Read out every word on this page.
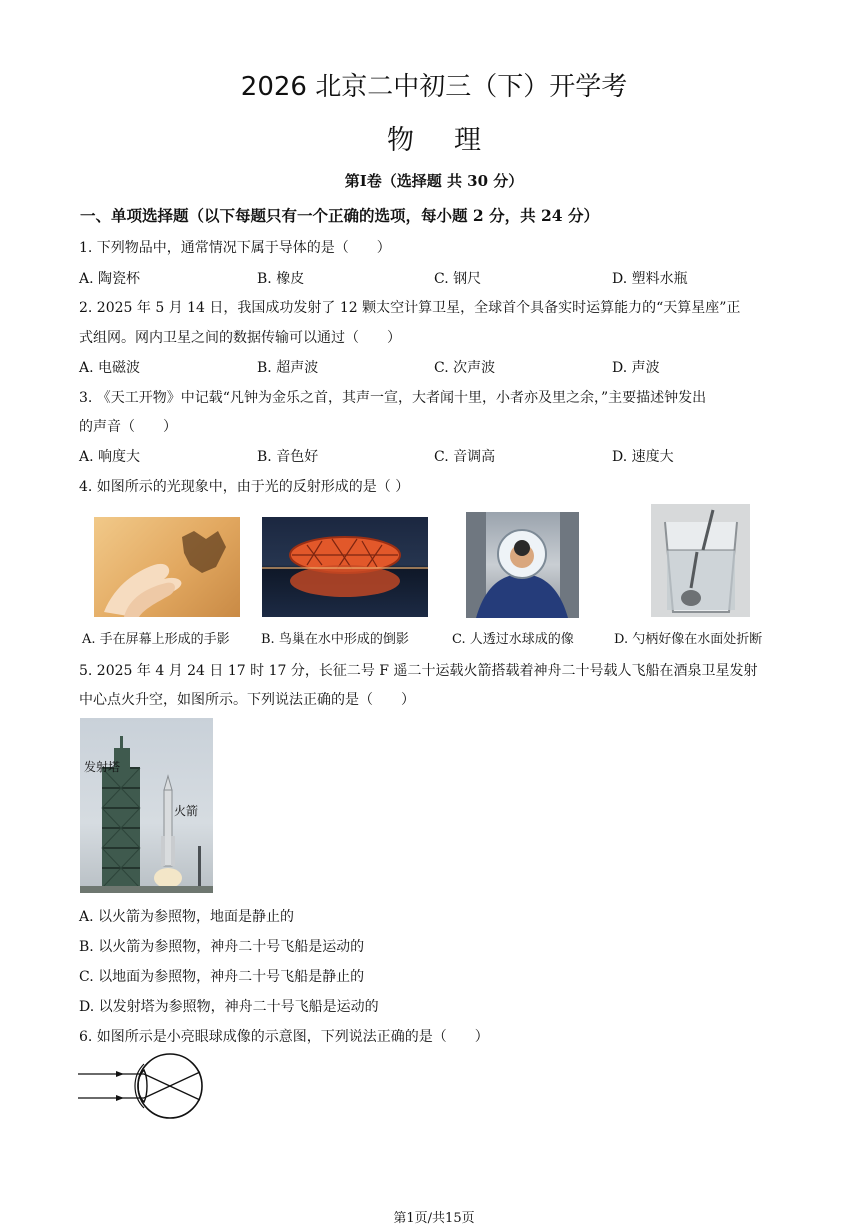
2026 北京二中初三（下）开学考
物理
第Ⅰ卷（选择题 共 30 分）
一、单项选择题（以下每题只有一个正确的选项，每小题 2 分，共 24 分）
1. 下列物品中，通常情况下属于导体的是（　　）
A. 陶瓷杯	B. 橡皮	C. 钢尺	D. 塑料水瓶
2. 2025 年 5 月 14 日，我国成功发射了 12 颗太空计算卫星，全球首个具备实时运算能力的“天算星座”正
式组网。网内卫星之间的数据传输可以通过（　　）
A. 电磁波	B. 超声波	C. 次声波	D. 声波
3. 《天工开物》中记载“凡钟为金乐之首，其声一宣，大者闻十里，小者亦及里之余，”主要描述钟发出
的声音（　　）
A. 响度大	B. 音色好	C. 音调高	D. 速度大
4. 如图所示的光现象中，由于光的反射形成的是（ ）
A. 手在屏幕上形成的手影 B. 鸟巢在水中形成的倒影	C. 人透过水球成的像	D. 勺柄好像在水面处折断
5. 2025 年 4 月 24 日 17 时 17 分，长征二号 F 遥二十运载火箭搭载着神舟二十号载人飞船在酒泉卫星发射
中心点火升空，如图所示。下列说法正确的是（　　）
发射塔
火箭
A. 以火箭为参照物，地面是静止的
B. 以火箭为参照物，神舟二十号飞船是运动的
C. 以地面为参照物，神舟二十号飞船是静止的
D. 以发射塔为参照物，神舟二十号飞船是运动的
6. 如图所示是小亮眼球成像的示意图，下列说法正确的是（　　）
第1页/共15页
